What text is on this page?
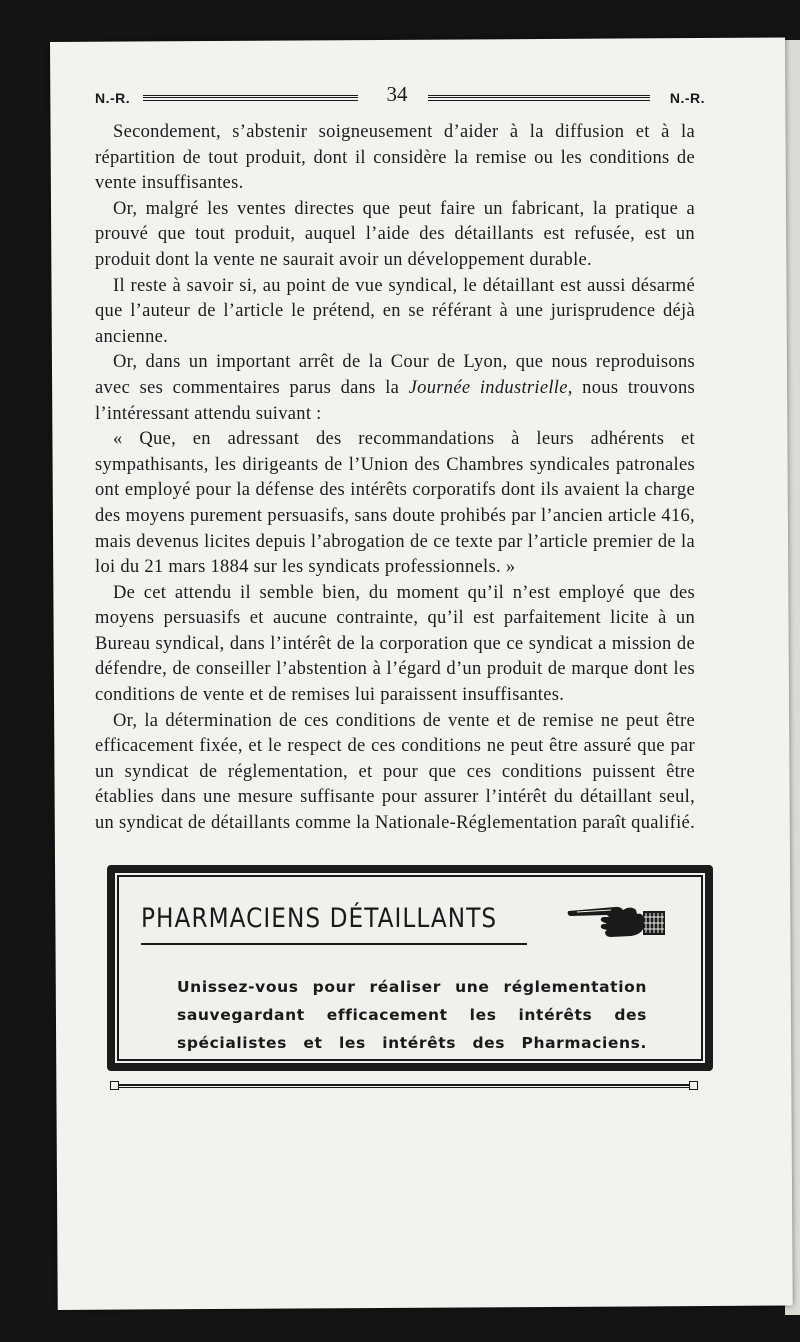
N.-R.	34	N.-R.

Secondement, s’abstenir soigneusement d’aider à la diffusion et à la répartition de tout produit, dont il considère la remise ou les conditions de vente insuffisantes.

Or, malgré les ventes directes que peut faire un fabricant, la pratique a prouvé que tout produit, auquel l’aide des détaillants est refusée, est un produit dont la vente ne saurait avoir un développement durable.

Il reste à savoir si, au point de vue syndical, le détaillant est aussi désarmé que l’auteur de l’article le prétend, en se référant à une jurisprudence déjà ancienne.

Or, dans un important arrêt de la Cour de Lyon, que nous reproduisons avec ses commentaires parus dans la Journée industrielle, nous trouvons l’intéressant attendu suivant :

« Que, en adressant des recommandations à leurs adhérents et sympathisants, les dirigeants de l’Union des Chambres syndicales patronales ont employé pour la défense des intérêts corporatifs dont ils avaient la charge des moyens purement persuasifs, sans doute prohibés par l’ancien article 416, mais devenus licites depuis l’abrogation de ce texte par l’article premier de la loi du 21 mars 1884 sur les syndicats professionnels. »

De cet attendu il semble bien, du moment qu’il n’est employé que des moyens persuasifs et aucune contrainte, qu’il est parfaitement licite à un Bureau syndical, dans l’intérêt de la corporation que ce syndicat a mission de défendre, de conseiller l’abstention à l’égard d’un produit de marque dont les conditions de vente et de remises lui paraissent insuffisantes.

Or, la détermination de ces conditions de vente et de remise ne peut être efficacement fixée, et le respect de ces conditions ne peut être assuré que par un syndicat de réglementation, et pour que ces conditions puissent être établies dans une mesure suffisante pour assurer l’intérêt du détaillant seul, un syndicat de détaillants comme la Nationale-Réglementation paraît qualifié.

PHARMACIENS DÉTAILLANTS
Unissez-vous pour réaliser une réglementation
sauvegardant efficacement les intérêts des
spécialistes et les intérêts des Pharmaciens.
